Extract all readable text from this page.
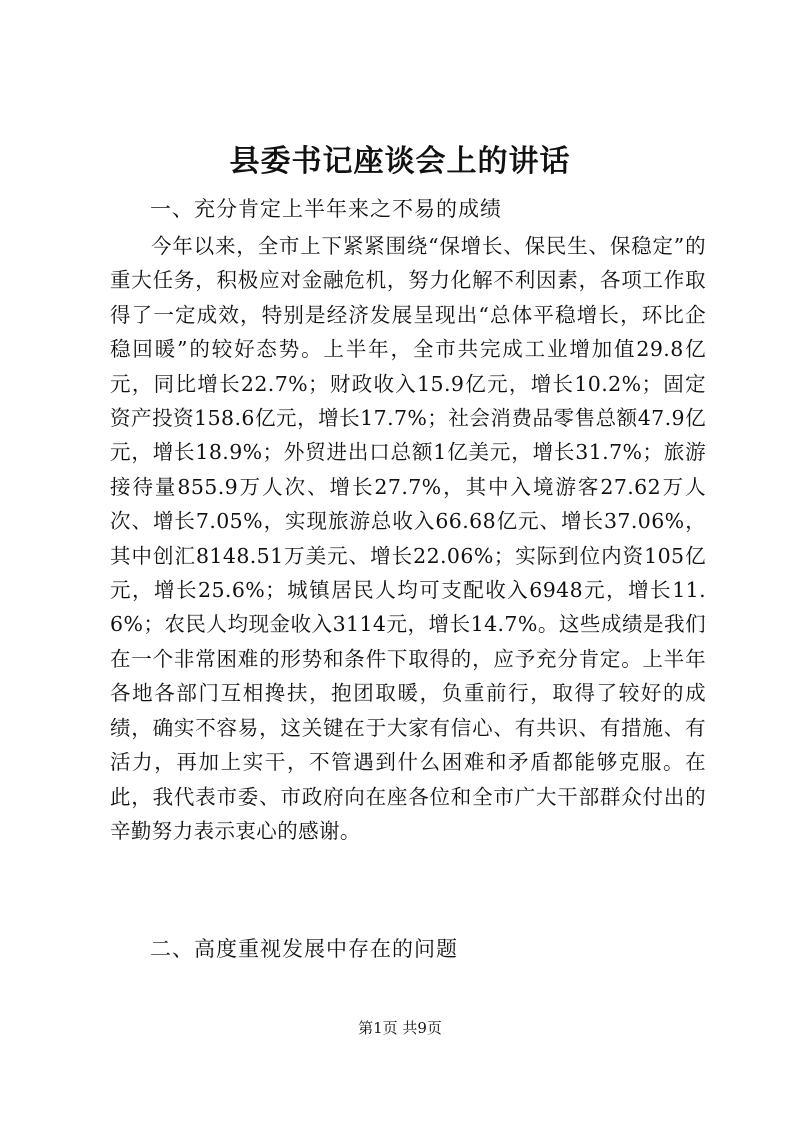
县委书记座谈会上的讲话
一、充分肯定上半年来之不易的成绩
今年以来，全市上下紧紧围绕“保增长、保民生、保稳定”的重大任务，积极应对金融危机，努力化解不利因素，各项工作取得了一定成效，特别是经济发展呈现出“总体平稳增长，环比企稳回暖”的较好态势。上半年，全市共完成工业增加值29.8亿元，同比增长22.7%；财政收入15.9亿元，增长10.2%；固定资产投资158.6亿元，增长17.7%；社会消费品零售总额47.9亿元，增长18.9%；外贸进出口总额1亿美元，增长31.7%；旅游接待量855.9万人次、增长27.7%，其中入境游客27.62万人次、增长7.05%，实现旅游总收入66.68亿元、增长37.06%，其中创汇8148.51万美元、增长22.06%；实际到位内资105亿元，增长25.6%；城镇居民人均可支配收入6948元，增长11.6%；农民人均现金收入3114元，增长14.7%。这些成绩是我们在一个非常困难的形势和条件下取得的，应予充分肯定。上半年各地各部门互相搀扶，抱团取暖，负重前行，取得了较好的成绩，确实不容易，这关键在于大家有信心、有共识、有措施、有活力，再加上实干，不管遇到什么困难和矛盾都能够克服。在此，我代表市委、市政府向在座各位和全市广大干部群众付出的辛勤努力表示衷心的感谢。
二、高度重视发展中存在的问题
第1页 共9页
